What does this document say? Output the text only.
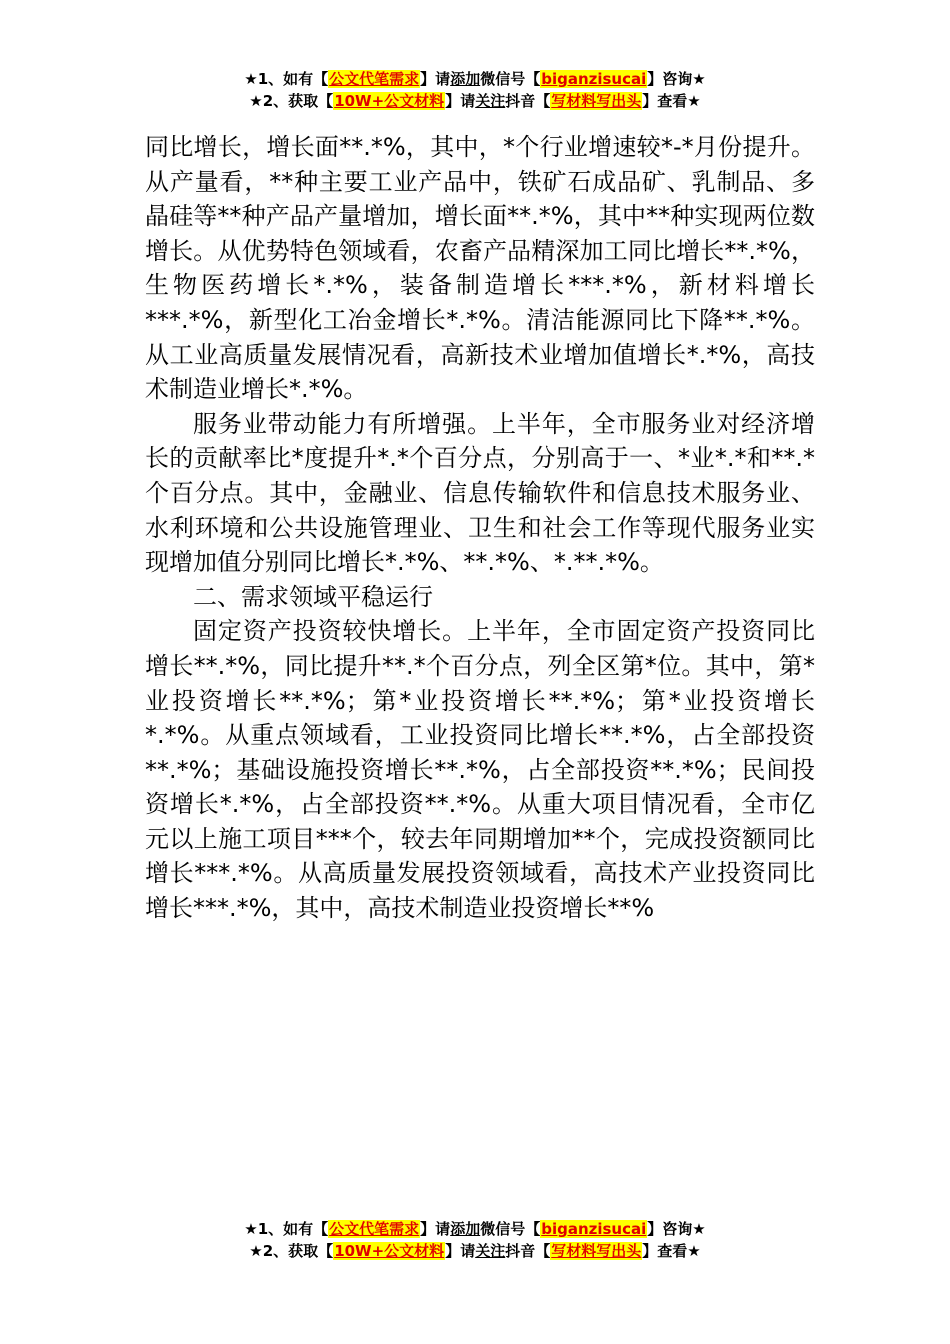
★1、如有【公文代笔需求】请添加微信号【biganzisucai】咨询★
★2、获取【10W+公文材料】请关注抖音【写材料写出头】查看★

同比增长，增长面**.*%，其中，*个行业增速较*-*月份提升。从产量看，**种主要工业产品中，铁矿石成品矿、乳制品、多晶硅等**种产品产量增加，增长面**.*%，其中**种实现两位数增长。从优势特色领域看，农畜产品精深加工同比增长**.*%，生物医药增长*.*%，装备制造增长***.*%，新材料增长***.*%，新型化工冶金增长*.*%。清洁能源同比下降**.*%。从工业高质量发展情况看，高新技术业增加值增长*.*%，高技术制造业增长*.*%。

服务业带动能力有所增强。上半年，全市服务业对经济增长的贡献率比*度提升*.*个百分点，分别高于一、*业*.*和**.*个百分点。其中，金融业、信息传输软件和信息技术服务业、水利环境和公共设施管理业、卫生和社会工作等现代服务业实现增加值分别同比增长*.*%、**.*%、*.**.*%。

二、需求领域平稳运行

固定资产投资较快增长。上半年，全市固定资产投资同比增长**.*%，同比提升**.*个百分点，列全区第*位。其中，第*业投资增长**.*%；第*业投资增长**.*%；第*业投资增长*.*%。从重点领域看，工业投资同比增长**.*%，占全部投资**.*%；基础设施投资增长**.*%，占全部投资**.*%；民间投资增长*.*%，占全部投资**.*%。从重大项目情况看，全市亿元以上施工项目***个，较去年同期增加**个，完成投资额同比增长***.*%。从高质量发展投资领域看，高技术产业投资同比增长***.*%，其中，高技术制造业投资增长**%

★1、如有【公文代笔需求】请添加微信号【biganzisucai】咨询★
★2、获取【10W+公文材料】请关注抖音【写材料写出头】查看★
